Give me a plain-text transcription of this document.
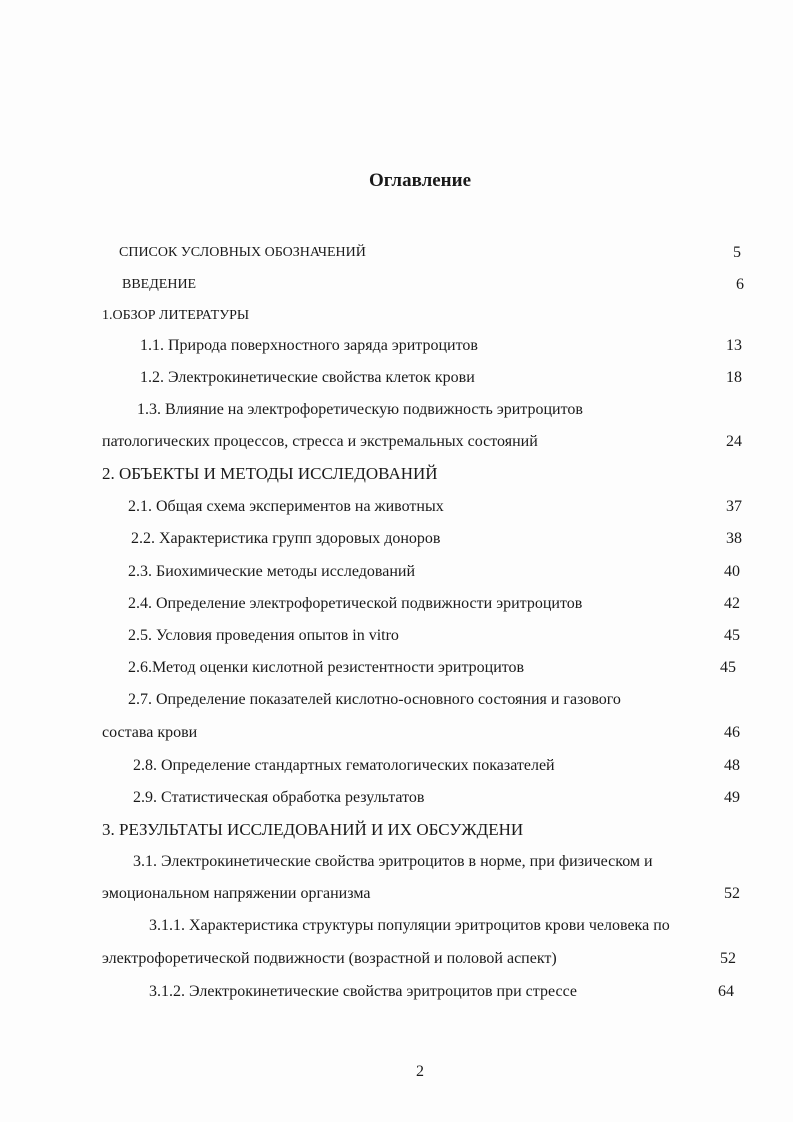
Оглавление
СПИСОК УСЛОВНЫХ ОБОЗНАЧЕНИЙ	5
ВВЕДЕНИЕ	6
1.ОБЗОР ЛИТЕРАТУРЫ
1.1. Природа поверхностного заряда эритроцитов	13
1.2. Электрокинетические свойства клеток крови	18
1.3. Влияние на электрофоретическую подвижность эритроцитов
патологических процессов, стресса и экстремальных состояний	24
2. ОБЪЕКТЫ И МЕТОДЫ ИССЛЕДОВАНИЙ
2.1. Общая схема экспериментов на животных	37
2.2. Характеристика групп здоровых доноров	38
2.3. Биохимические методы исследований	40
2.4. Определение электрофоретической подвижности эритроцитов	42
2.5. Условия проведения опытов in vitro	45
2.6.Метод оценки кислотной резистентности эритроцитов	45
2.7. Определение показателей кислотно-основного состояния и газового
состава крови	46
2.8. Определение стандартных гематологических показателей	48
2.9. Статистическая обработка результатов	49
3. РЕЗУЛЬТАТЫ ИССЛЕДОВАНИЙ И ИХ ОБСУЖДЕНИ
3.1. Электрокинетические свойства эритроцитов в норме, при физическом и
эмоциональном напряжении организма	52
3.1.1. Характеристика структуры популяции эритроцитов крови человека по
электрофоретической подвижности (возрастной и половой аспект)	52
3.1.2. Электрокинетические свойства эритроцитов при стрессе	64
2
